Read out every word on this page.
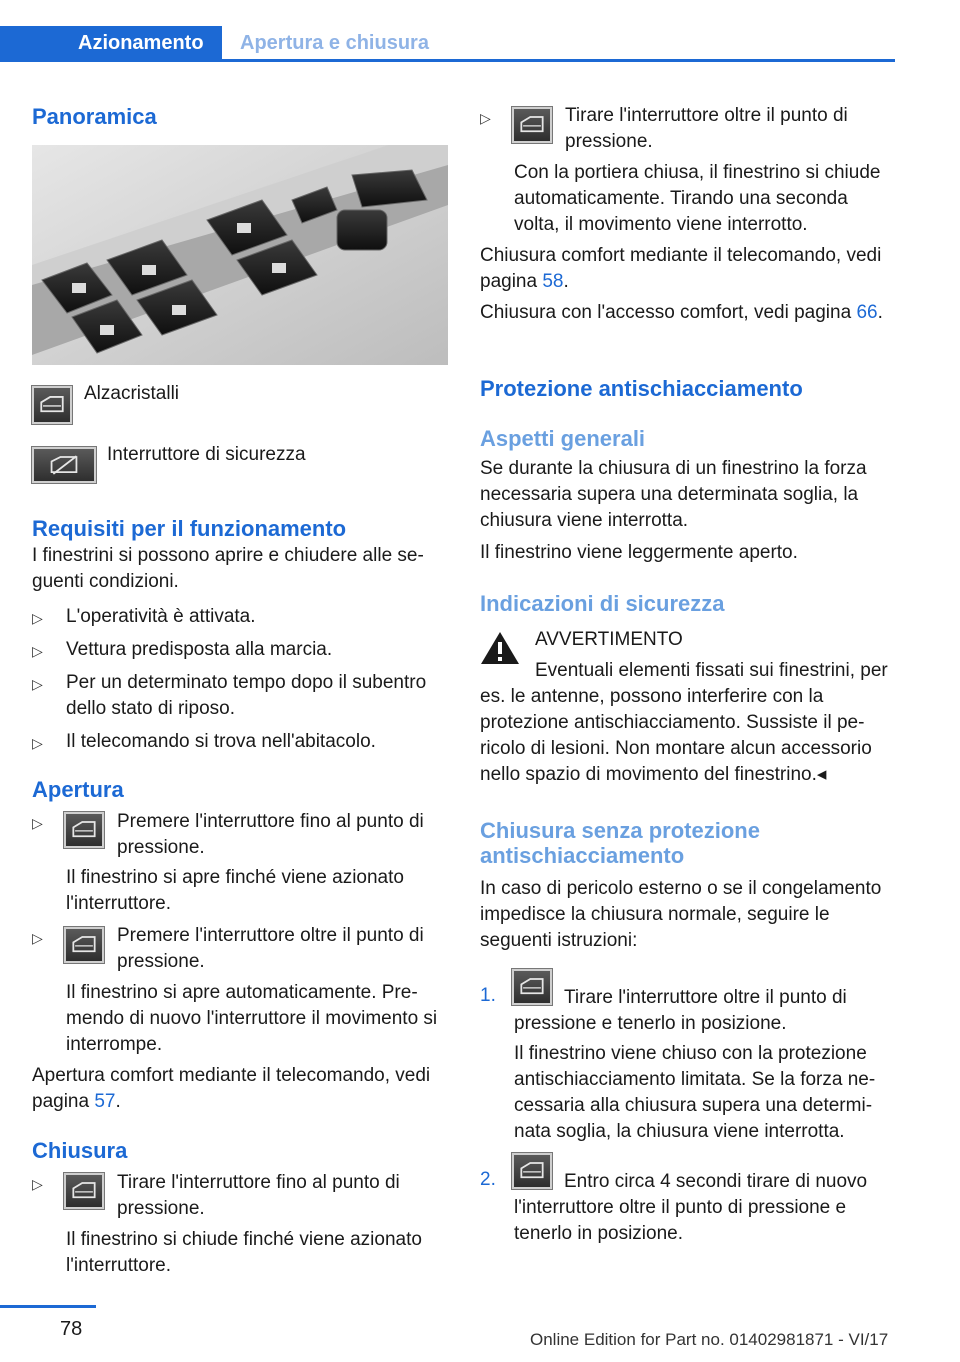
Azionamento	Apertura e chiusura
Panoramica
Alzacristalli
Interruttore di sicurezza
Requisiti per il funzionamento
I finestrini si possono aprire e chiudere alle seguenti condizioni.
▷ L'operatività è attivata.
▷ Vettura predisposta alla marcia.
▷ Per un determinato tempo dopo il subentro dello stato di riposo.
▷ Il telecomando si trova nell'abitacolo.
Apertura
▷	Premere l'interruttore fino al punto di pressione.
Il finestrino si apre finché viene azionato l'interruttore.
▷	Premere l'interruttore oltre il punto di pressione.
Il finestrino si apre automaticamente. Premendo di nuovo l'interruttore il movimento si interrompe.
Apertura comfort mediante il telecomando, vedi pagina 57.
Chiusura
▷	Tirare l'interruttore fino al punto di pressione.
Il finestrino si chiude finché viene azionato l'interruttore.
▷	Tirare l'interruttore oltre il punto di pressione.
Con la portiera chiusa, il finestrino si chiude automaticamente. Tirando una seconda volta, il movimento viene interrotto.
Chiusura comfort mediante il telecomando, vedi pagina 58.
Chiusura con l'accesso comfort, vedi pagina 66.
Protezione antischiacciamento
Aspetti generali
Se durante la chiusura di un finestrino la forza necessaria supera una determinata soglia, la chiusura viene interrotta.
Il finestrino viene leggermente aperto.
Indicazioni di sicurezza
AVVERTIMENTO
Eventuali elementi fissati sui finestrini, per es. le antenne, possono interferire con la protezione antischiacciamento. Sussiste il pericolo di lesioni. Non montare alcun accessorio nello spazio di movimento del finestrino.◂
Chiusura senza protezione antischiacciamento
In caso di pericolo esterno o se il congelamento impedisce la chiusura normale, seguire le seguenti istruzioni:
1.	Tirare l'interruttore oltre il punto di pressione e tenerlo in posizione.
Il finestrino viene chiuso con la protezione antischiacciamento limitata. Se la forza necessaria alla chiusura supera una determinata soglia, la chiusura viene interrotta.
2.	Entro circa 4 secondi tirare di nuovo l'interruttore oltre il punto di pressione e tenerlo in posizione.
78	Online Edition for Part no. 01402981871 - VI/17
